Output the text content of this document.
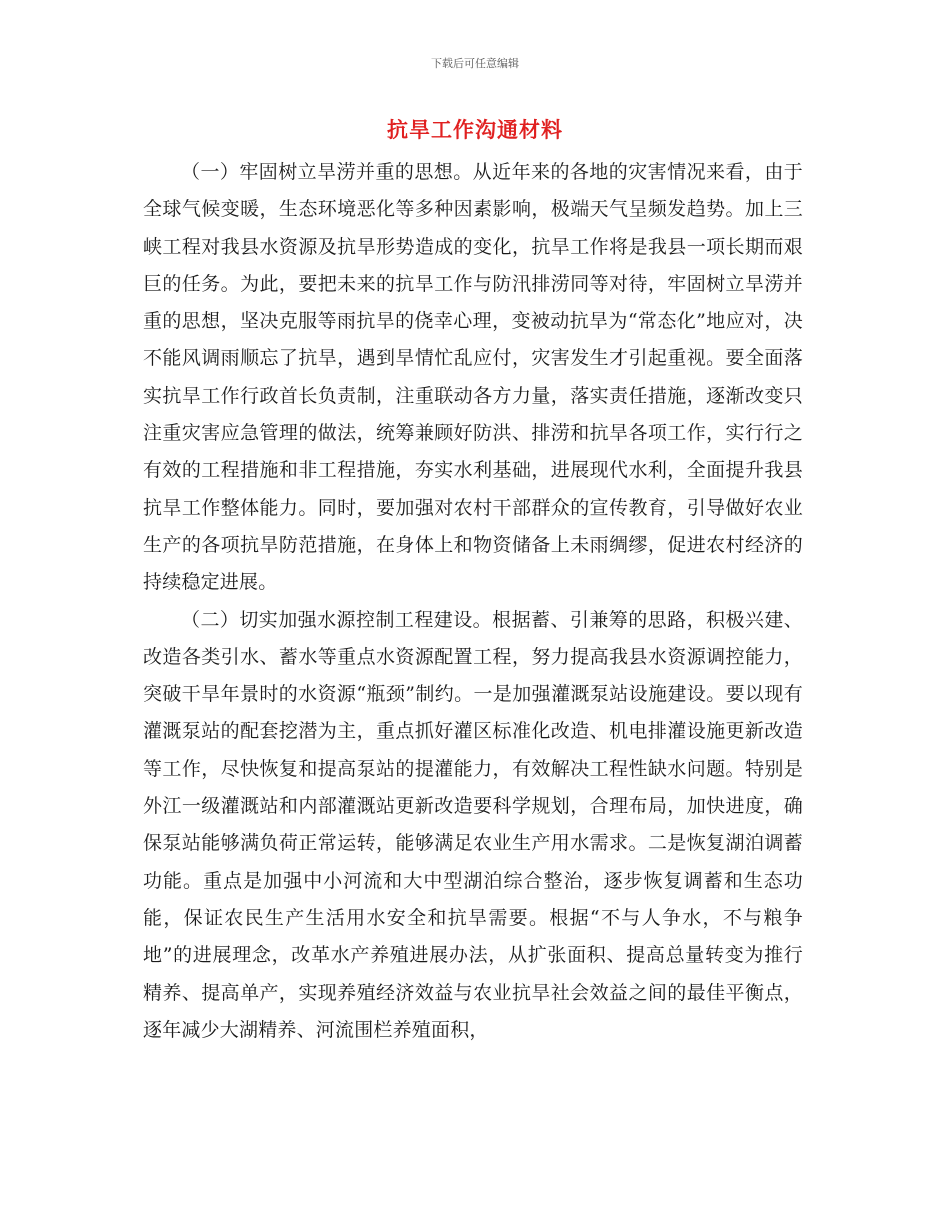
下载后可任意编辑
抗旱工作沟通材料

（一）牢固树立旱涝并重的思想。从近年来的各地的灾害情况来看，由于全球气候变暖，生态环境恶化等多种因素影响，极端天气呈频发趋势。加上三峡工程对我县水资源及抗旱形势造成的变化，抗旱工作将是我县一项长期而艰巨的任务。为此，要把未来的抗旱工作与防汛排涝同等对待，牢固树立旱涝并重的思想，坚决克服等雨抗旱的侥幸心理，变被动抗旱为“常态化”地应对，决不能风调雨顺忘了抗旱，遇到旱情忙乱应付，灾害发生才引起重视。要全面落实抗旱工作行政首长负责制，注重联动各方力量，落实责任措施，逐渐改变只注重灾害应急管理的做法，统筹兼顾好防洪、排涝和抗旱各项工作，实行行之有效的工程措施和非工程措施，夯实水利基础，进展现代水利，全面提升我县抗旱工作整体能力。同时，要加强对农村干部群众的宣传教育，引导做好农业生产的各项抗旱防范措施，在身体上和物资储备上未雨绸缪，促进农村经济的持续稳定进展。

（二）切实加强水源控制工程建设。根据蓄、引兼筹的思路，积极兴建、改造各类引水、蓄水等重点水资源配置工程，努力提高我县水资源调控能力，突破干旱年景时的水资源“瓶颈”制约。一是加强灌溉泵站设施建设。要以现有灌溉泵站的配套挖潜为主，重点抓好灌区标准化改造、机电排灌设施更新改造等工作，尽快恢复和提高泵站的提灌能力，有效解决工程性缺水问题。特别是外江一级灌溉站和内部灌溉站更新改造要科学规划，合理布局，加快进度，确保泵站能够满负荷正常运转，能够满足农业生产用水需求。二是恢复湖泊调蓄功能。重点是加强中小河流和大中型湖泊综合整治，逐步恢复调蓄和生态功能，保证农民生产生活用水安全和抗旱需要。根据“不与人争水，不与粮争地”的进展理念，改革水产养殖进展办法，从扩张面积、提高总量转变为推行精养、提高单产，实现养殖经济效益与农业抗旱社会效益之间的最佳平衡点，逐年减少大湖精养、河流围栏养殖面积，
